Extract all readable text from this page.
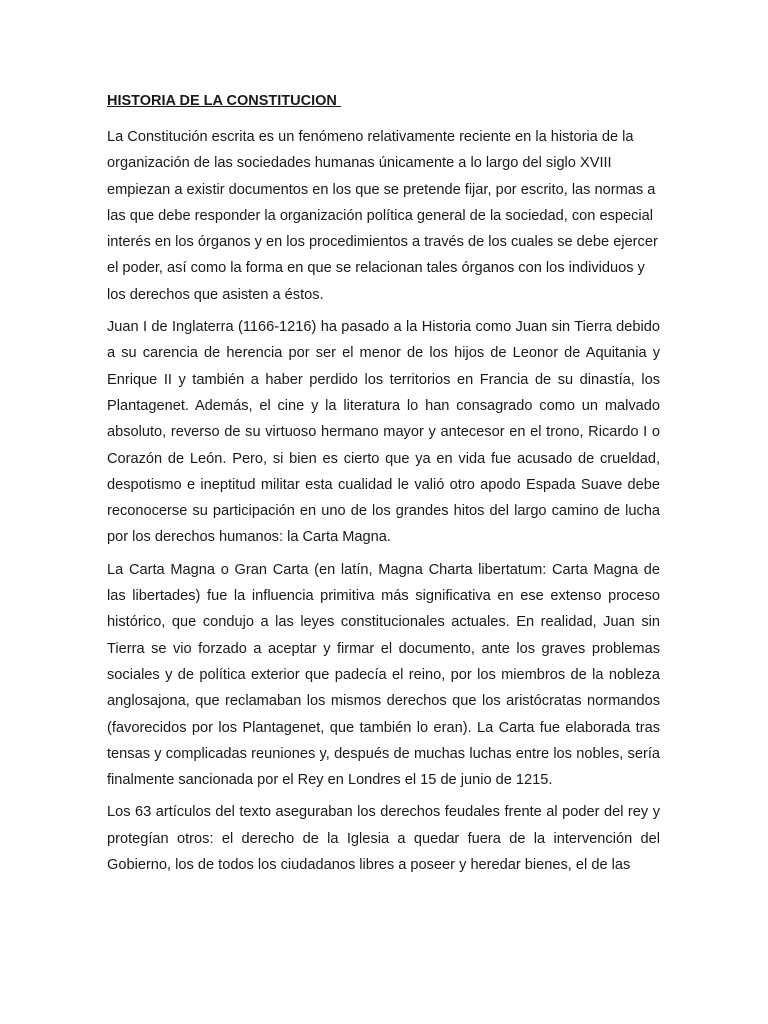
HISTORIA DE LA CONSTITUCION

La Constitución escrita es un fenómeno relativamente reciente en la historia de la organización de las sociedades humanas únicamente a lo largo del siglo XVIII empiezan a existir documentos en los que se pretende fijar, por escrito, las normas a las que debe responder la organización política general de la sociedad, con especial interés en los órganos y en los procedimientos a través de los cuales se debe ejercer el poder, así como la forma en que se relacionan tales órganos con los individuos y los derechos que asisten a éstos.

Juan I de Inglaterra (1166-1216) ha pasado a la Historia como Juan sin Tierra debido a su carencia de herencia por ser el menor de los hijos de Leonor de Aquitania y Enrique II y también a haber perdido los territorios en Francia de su dinastía, los Plantagenet. Además, el cine y la literatura lo han consagrado como un malvado absoluto, reverso de su virtuoso hermano mayor y antecesor en el trono, Ricardo I o Corazón de León. Pero, si bien es cierto que ya en vida fue acusado de crueldad, despotismo e ineptitud militar esta cualidad le valió otro apodo Espada Suave debe reconocerse su participación en uno de los grandes hitos del largo camino de lucha por los derechos humanos: la Carta Magna.

La Carta Magna o Gran Carta (en latín, Magna Charta libertatum: Carta Magna de las libertades) fue la influencia primitiva más significativa en ese extenso proceso histórico, que condujo a las leyes constitucionales actuales. En realidad, Juan sin Tierra se vio forzado a aceptar y firmar el documento, ante los graves problemas sociales y de política exterior que padecía el reino, por los miembros de la nobleza anglosajona, que reclamaban los mismos derechos que los aristócratas normandos (favorecidos por los Plantagenet, que también lo eran). La Carta fue elaborada tras tensas y complicadas reuniones y, después de muchas luchas entre los nobles, sería finalmente sancionada por el Rey en Londres el 15 de junio de 1215.

Los 63 artículos del texto aseguraban los derechos feudales frente al poder del rey y protegían otros: el derecho de la Iglesia a quedar fuera de la intervención del Gobierno, los de todos los ciudadanos libres a poseer y heredar bienes, el de las
